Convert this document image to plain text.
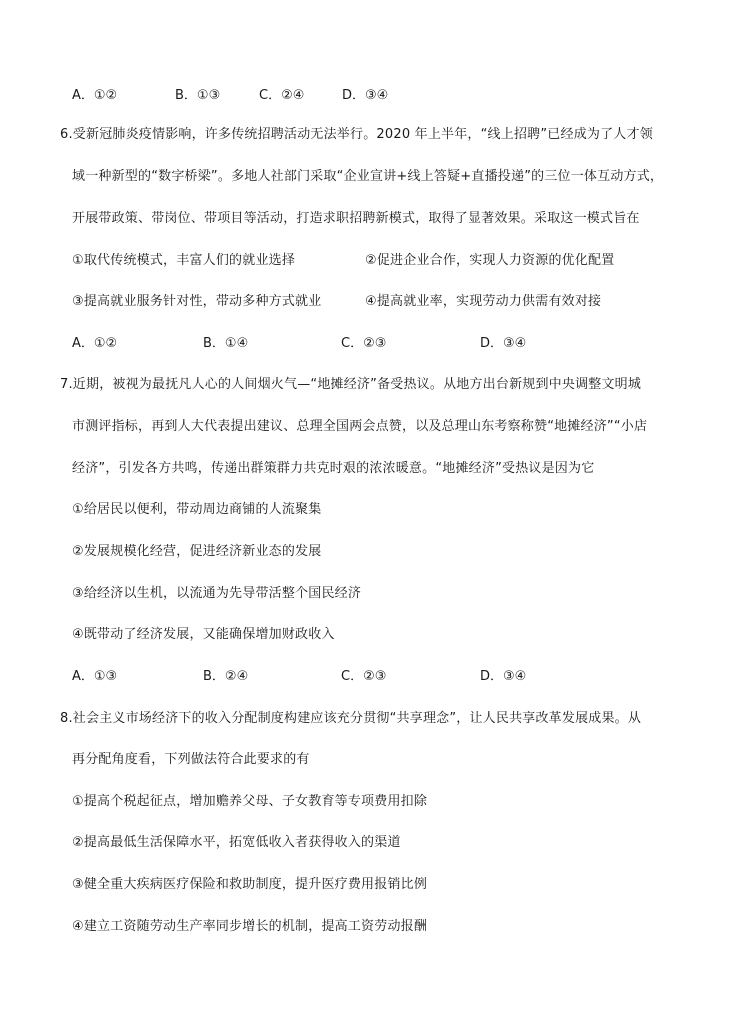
A．①②	B．①③	C．②④	D．③④
6.受新冠肺炎疫情影响，许多传统招聘活动无法举行。2020 年上半年，“线上招聘”已经成为了人才领
域一种新型的“数字桥梁”。多地人社部门采取“企业宣讲+线上答疑+直播投递”的三位一体互动方式，
开展带政策、带岗位、带项目等活动，打造求职招聘新模式，取得了显著效果。采取这一模式旨在
①取代传统模式，丰富人们的就业选择	②促进企业合作，实现人力资源的优化配置
③提高就业服务针对性，带动多种方式就业	④提高就业率，实现劳动力供需有效对接
A．①②	B．①④	C．②③	D．③④
7.近期，被视为最抚凡人心的人间烟火气—“地摊经济”备受热议。从地方出台新规到中央调整文明城
市测评指标，再到人大代表提出建议、总理全国两会点赞，以及总理山东考察称赞“地摊经济”“小店
经济”，引发各方共鸣，传递出群策群力共克时艰的浓浓暖意。“地摊经济”受热议是因为它
①给居民以便利，带动周边商铺的人流聚集
②发展规模化经营，促进经济新业态的发展
③给经济以生机，以流通为先导带活整个国民经济
④既带动了经济发展，又能确保增加财政收入
A．①③	B．②④	C．②③	D．③④
8.社会主义市场经济下的收入分配制度构建应该充分贯彻“共享理念”，让人民共享改革发展成果。从
再分配角度看，下列做法符合此要求的有
①提高个税起征点，增加赡养父母、子女教育等专项费用扣除
②提高最低生活保障水平，拓宽低收入者获得收入的渠道
③健全重大疾病医疗保险和救助制度，提升医疗费用报销比例
④建立工资随劳动生产率同步增长的机制，提高工资劳动报酬
